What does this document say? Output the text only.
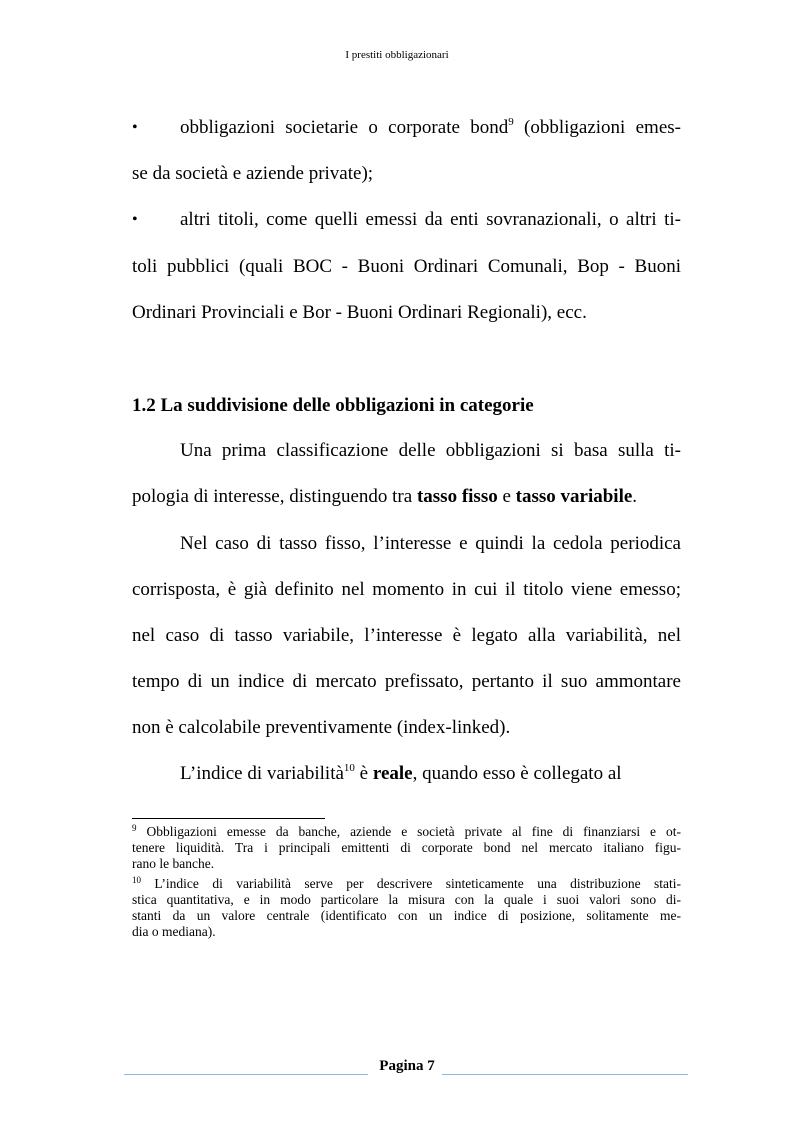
I prestiti obbligazionari
• obbligazioni societarie o corporate bond$^9$ (obbligazioni emes-
se da società e aziende private);
• altri titoli, come quelli emessi da enti sovranazionali, o altri ti-
toli pubblici (quali BOC - Buoni Ordinari Comunali, Bop - Buoni
Ordinari Provinciali e Bor - Buoni Ordinari Regionali), ecc.
1.2 La suddivisione delle obbligazioni in categorie
Una prima classificazione delle obbligazioni si basa sulla ti-
pologia di interesse, distinguendo tra tasso fisso e tasso variabile.
Nel caso di tasso fisso, l’interesse e quindi la cedola periodica
corrisposta, è già definito nel momento in cui il titolo viene emesso;
nel caso di tasso variabile, l’interesse è legato alla variabilità, nel
tempo di un indice di mercato prefissato, pertanto il suo ammontare
non è calcolabile preventivamente (index-linked).
L’indice di variabilità$^{10}$ è reale, quando esso è collegato al
$^9$ Obbligazioni emesse da banche, aziende e società private al fine di finanziarsi e ot-
tenere liquidità. Tra i principali emittenti di corporate bond nel mercato italiano figu-
rano le banche.
$^{10}$ L’indice di variabilità serve per descrivere sinteticamente una distribuzione stati-
stica quantitativa, e in modo particolare la misura con la quale i suoi valori sono di-
stanti da un valore centrale (identificato con un indice di posizione, solitamente me-
dia o mediana).
Pagina 7
